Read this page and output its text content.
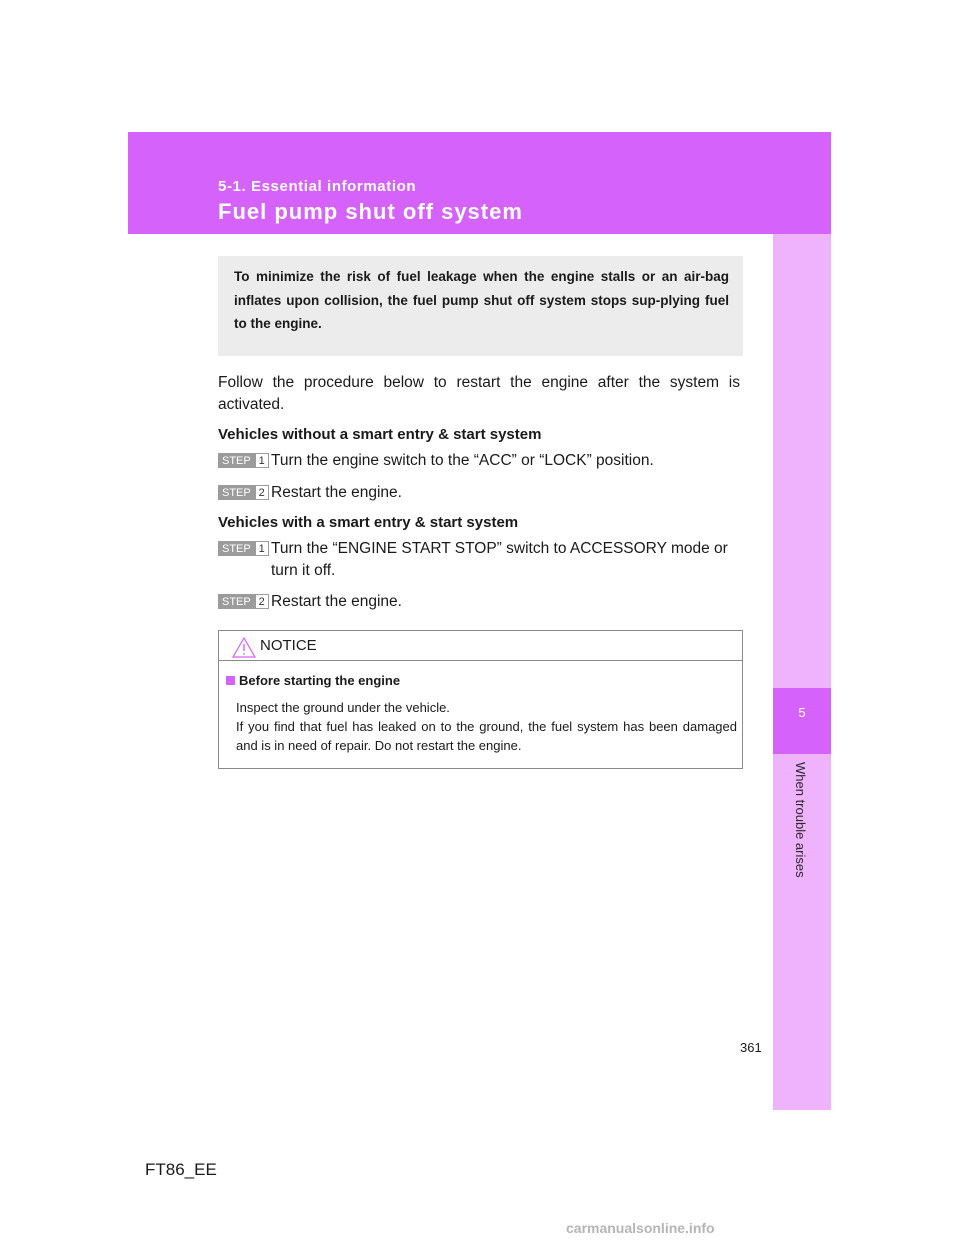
5-1. Essential information
Fuel pump shut off system
5
When trouble arises
To minimize the risk of fuel leakage when the engine stalls or an air-bag inflates upon collision, the fuel pump shut off system stops sup-plying fuel to the engine.
Follow the procedure below to restart the engine after the system is activated.
Vehicles without a smart entry & start system
STEP 1 Turn the engine switch to the “ACC” or “LOCK” position.
STEP 2 Restart the engine.
Vehicles with a smart entry & start system
STEP 1 Turn the “ENGINE START STOP” switch to ACCESSORY mode or turn it off.
STEP 2 Restart the engine.
NOTICE
Before starting the engine
Inspect the ground under the vehicle.
If you find that fuel has leaked on to the ground, the fuel system has been damaged and is in need of repair. Do not restart the engine.
361
FT86_EE
carmanualsonline.info
